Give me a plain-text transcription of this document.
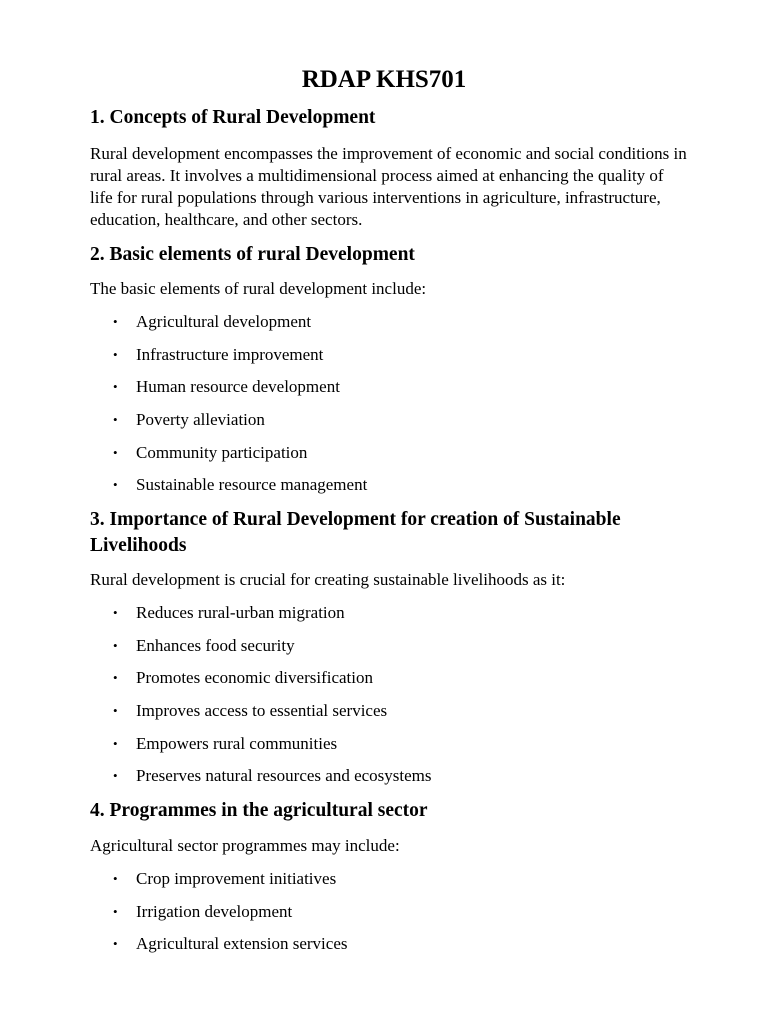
RDAP KHS701
1. Concepts of Rural Development

Rural development encompasses the improvement of economic and social conditions in rural areas. It involves a multidimensional process aimed at enhancing the quality of life for rural populations through various interventions in agriculture, infrastructure, education, healthcare, and other sectors.

2. Basic elements of rural Development

The basic elements of rural development include:

• Agricultural development
• Infrastructure improvement
• Human resource development
• Poverty alleviation
• Community participation
• Sustainable resource management
3. Importance of Rural Development for creation of Sustainable Livelihoods

Rural development is crucial for creating sustainable livelihoods as it:

• Reduces rural-urban migration
• Enhances food security
• Promotes economic diversification
• Improves access to essential services
• Empowers rural communities
• Preserves natural resources and ecosystems
4. Programmes in the agricultural sector

Agricultural sector programmes may include:

• Crop improvement initiatives
• Irrigation development
• Agricultural extension services
